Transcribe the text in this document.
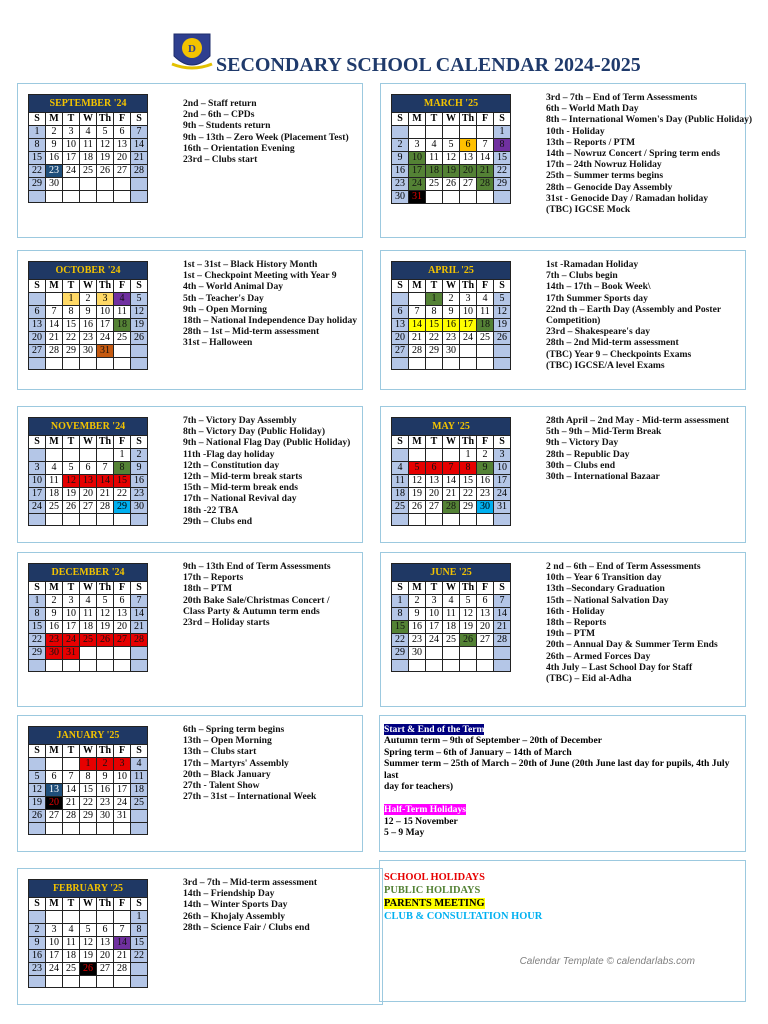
D
SECONDARY SCHOOL CALENDAR 2024-2025
SEPTEMBER '24						
S	M	T	W	Th	F	S
1	2	3	4	5	6	7
8	9	10	11	12	13	14
15	16	17	18	19	20	21
22	23	24	25	26	27	28
29	30					

2nd – Staff return
2nd – 6th – CPDs
9th – Students return
9th – 13th – Zero Week (Placement Test)
16th – Orientation Evening
23rd – Clubs start
MARCH '25						
S	M	T	W	Th	F	S
						1
2	3	4	5	6	7	8
9	10	11	12	13	14	15
16	17	18	19	20	21	22
23	24	25	26	27	28	29
30	31					
3rd – 7th – End of Term Assessments
6th – World Math Day
8th – International Women's Day (Public Holiday)
10th - Holiday
13th – Reports / PTM
14th – Nowruz Concert / Spring term ends
17th – 24th Nowruz Holiday
25th – Summer terms begins
28th – Genocide Day Assembly
31st - Genocide Day / Ramadan holiday
(TBC) IGCSE Mock
OCTOBER '24						
S	M	T	W	Th	F	S
		1	2	3	4	5
6	7	8	9	10	11	12
13	14	15	16	17	18	19
20	21	22	23	24	25	26
27	28	29	30	31		

1st – 31st – Black History Month
1st – Checkpoint Meeting with Year 9
4th – World Animal Day
5th – Teacher's Day
9th – Open Morning
18th – National Independence Day holiday
28th – 1st – Mid-term assessment
31st – Halloween
APRIL '25						
S	M	T	W	Th	F	S
		1	2	3	4	5
6	7	8	9	10	11	12
13	14	15	16	17	18	19
20	21	22	23	24	25	26
27	28	29	30			

1st -Ramadan Holiday
7th – Clubs begin
14th – 17th – Book Week\
17th Summer Sports day
22nd th – Earth Day (Assembly and Poster
Competition)
23rd – Shakespeare's day
28th – 2nd Mid-term assessment
(TBC) Year 9 – Checkpoints Exams
(TBC) IGCSE/A level Exams
NOVEMBER '24						
S	M	T	W	Th	F	S
					1	2
3	4	5	6	7	8	9
10	11	12	13	14	15	16
17	18	19	20	21	22	23
24	25	26	27	28	29	30

7th – Victory Day Assembly
8th – Victory Day (Public Holiday)
9th – National Flag Day (Public Holiday)
11th -Flag day holiday
12th – Constitution day
12th – Mid-term break starts
15th – Mid-term break ends
17th – National Revival day
18th -22 TBA
29th – Clubs end
MAY '25						
S	M	T	W	Th	F	S
				1	2	3
4	5	6	7	8	9	10
11	12	13	14	15	16	17
18	19	20	21	22	23	24
25	26	27	28	29	30	31

28th April – 2nd May - Mid-term assessment
5th – 9th – Mid-Term Break
9th – Victory Day
28th – Republic Day
30th – Clubs end
30th – International Bazaar
DECEMBER '24						
S	M	T	W	Th	F	S
1	2	3	4	5	6	7
8	9	10	11	12	13	14
15	16	17	18	19	20	21
22	23	24	25	26	27	28
29	30	31				

9th – 13th End of Term Assessments
17th – Reports
18th – PTM
20th Bake Sale/Christmas Concert /
Class Party & Autumn term ends
23rd – Holiday starts
JUNE '25						
S	M	T	W	Th	F	S
1	2	3	4	5	6	7
8	9	10	11	12	13	14
15	16	17	18	19	20	21
22	23	24	25	26	27	28
29	30					

2 nd – 6th – End of Term Assessments
10th – Year 6 Transition day
13th –Secondary Graduation
15th – National Salvation Day
16th - Holiday
18th – Reports
19th – PTM
20th – Annual Day & Summer Term Ends
26th – Armed Forces Day
4th July – Last School Day for Staff
(TBC) – Eid al-Adha
JANUARY '25						
S	M	T	W	Th	F	S
			1	2	3	4
5	6	7	8	9	10	11
12	13	14	15	16	17	18
19	20	21	22	23	24	25
26	27	28	29	30	31	

6th – Spring term begins
13th – Open Morning
13th – Clubs start
17th – Martyrs' Assembly
20th – Black January
27th - Talent Show
27th – 31st – International Week
FEBRUARY '25						
S	M	T	W	Th	F	S
						1
2	3	4	5	6	7	8
9	10	11	12	13	14	15
16	17	18	19	20	21	22
23	24	25	26	27	28	

3rd – 7th – Mid-term assessment
14th – Friendship Day
14th – Winter Sports Day
26th – Khojaly Assembly
28th – Science Fair / Clubs end
Start & End of the Term
Autumn term – 9th of September – 20th of December
Spring term – 6th of January – 14th of March
Summer term – 25th of March – 20th of June (20th June last day for pupils, 4th July last
day for teachers)
Half-Term Holidays
12 – 15 November
5 – 9 May
SCHOOL HOLIDAYS
PUBLIC HOLIDAYS
PARENTS MEETING
CLUB & CONSULTATION HOUR
Calendar Template © calendarlabs.com
